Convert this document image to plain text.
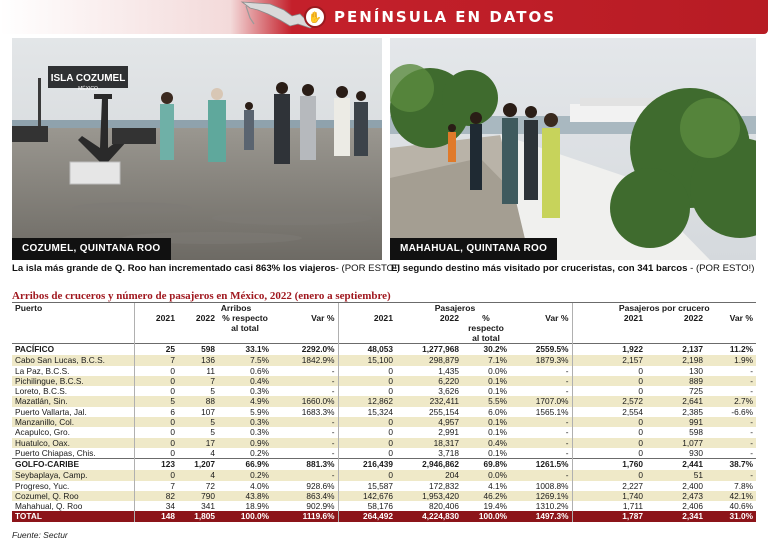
✋ PENÍNSULA EN DATOS
ISLA COZUMEL
MÉXICO
COZUMEL, QUINTANA ROO	MAHAHUAL, QUINTANA ROO
La isla más grande de Q. Roo han incrementado casi 863% los viajeros- (POR ESTO!)
El segundo destino más visitado por cruceristas, con 341 barcos - (POR ESTO!)
Arribos de cruceros y número de pasajeros en México, 2022 (enero a septiembre)
Puerto	Arribos				Pasajeros				Pasajeros por crucero		
	2021	2022	% respecto al total	Var %	2021	2022	% respecto al total	Var %	2021	2022	Var %

PACÍFICO	25	598	33.1%	2292.0%	48,053	1,277,968	30.2%	2559.5%	1,922	2,137	11.2%
Cabo San Lucas, B.C.S.	7	136	7.5%	1842.9%	15,100	298,879	7.1%	1879.3%	2,157	2,198	1.9%
La Paz, B.C.S.	0	11	0.6%	-	0	1,435	0.0%	-	0	130	-
Pichilingue, B.C.S.	0	7	0.4%	-	0	6,220	0.1%	-	0	889	-
Loreto, B.C.S.	0	5	0.3%	-	0	3,626	0.1%	-	0	725	-
Mazatlán, Sin.	5	88	4.9%	1660.0%	12,862	232,411	5.5%	1707.0%	2,572	2,641	2.7%
Puerto Vallarta, Jal.	6	107	5.9%	1683.3%	15,324	255,154	6.0%	1565.1%	2,554	2,385	-6.6%
Manzanillo, Col.	0	5	0.3%	-	0	4,957	0.1%	-	0	991	-
Acapulco, Gro.	0	5	0.3%	-	0	2,991	0.1%	-	0	598	-
Huatulco, Oax.	0	17	0.9%	-	0	18,317	0.4%	-	0	1,077	-
Puerto Chiapas, Chis.	0	4	0.2%	-	0	3,718	0.1%	-	0	930	-
GOLFO-CARIBE	123	1,207	66.9%	881.3%	216,439	2,946,862	69.8%	1261.5%	1,760	2,441	38.7%
Seybaplaya, Camp.	0	4	0.2%	-	0	204	0.0%	-	0	51	-
Progreso, Yuc.	7	72	4.0%	928.6%	15,587	172,832	4.1%	1008.8%	2,227	2,400	7.8%
Cozumel, Q. Roo	82	790	43.8%	863.4%	142,676	1,953,420	46.2%	1269.1%	1,740	2,473	42.1%
Mahahual, Q. Roo	34	341	18.9%	902.9%	58,176	820,406	19.4%	1310.2%	1,711	2,406	40.6%
TOTAL	148	1,805	100.0%	1119.6%	264,492	4,224,830	100.0%	1497.3%	1,787	2,341	31.0%
Fuente: Sectur
